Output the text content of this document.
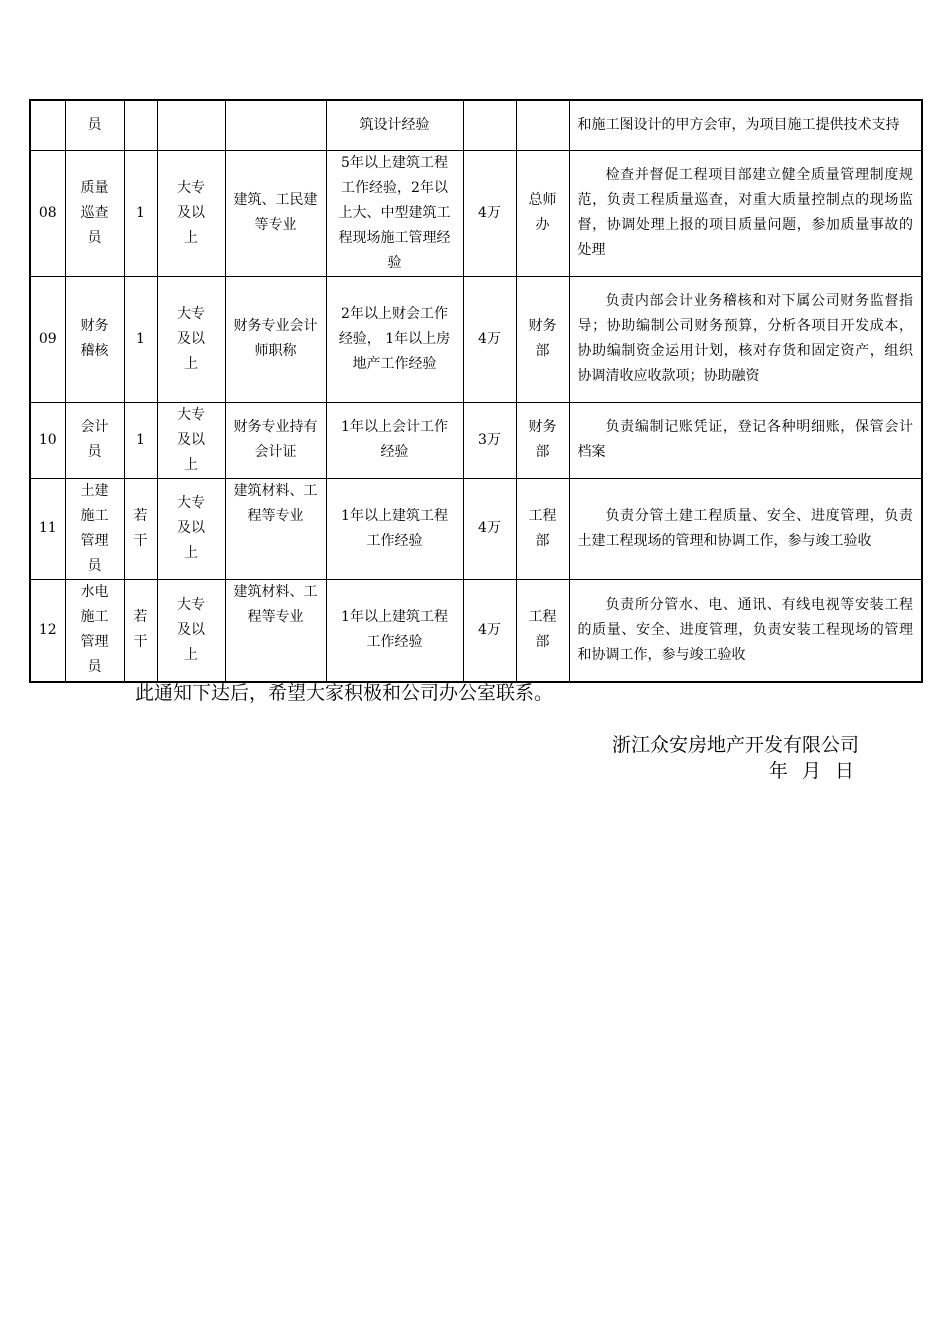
	员				筑设计经验			和施工图设计的甲方会审，为项目施工提供技术支持
08	质量巡查员	1	大专及以上	建筑、工民建等专业	5年以上建筑工程工作经验，2年以上大、中型建筑工程现场施工管理经验	4万	总师办	检查并督促工程项目部建立健全质量管理制度规范，负责工程质量巡查，对重大质量控制点的现场监督，协调处理上报的项目质量问题，参加质量事故的处理
09	财务稽核	1	大专及以上	财务专业会计师职称	2年以上财会工作经验， 1年以上房地产工作经验	4万	财务部	负责内部会计业务稽核和对下属公司财务监督指导；协助编制公司财务预算，分析各项目开发成本，协助编制资金运用计划，核对存货和固定资产，组织协调清收应收款项；协助融资
10	会计员	1	大专及以上	财务专业持有会计证	1年以上会计工作经验	3万	财务部	负责编制记账凭证，登记各种明细账，保管会计档案
11	土建施工管理员	若干	大专及以上	建筑材料、工程等专业	1年以上建筑工程工作经验	4万	工程部	负责分管土建工程质量、安全、进度管理，负责土建工程现场的管理和协调工作，参与竣工验收
12	水电施工管理员	若干	大专及以上	建筑材料、工程等专业	1年以上建筑工程工作经验	4万	工程部	负责所分管水、电、通讯、有线电视等安装工程的质量、安全、进度管理，负责安装工程现场的管理和协调工作，参与竣工验收
此通知下达后，希望大家积极和公司办公室联系。
浙江众安房地产开发有限公司
年 月 日
